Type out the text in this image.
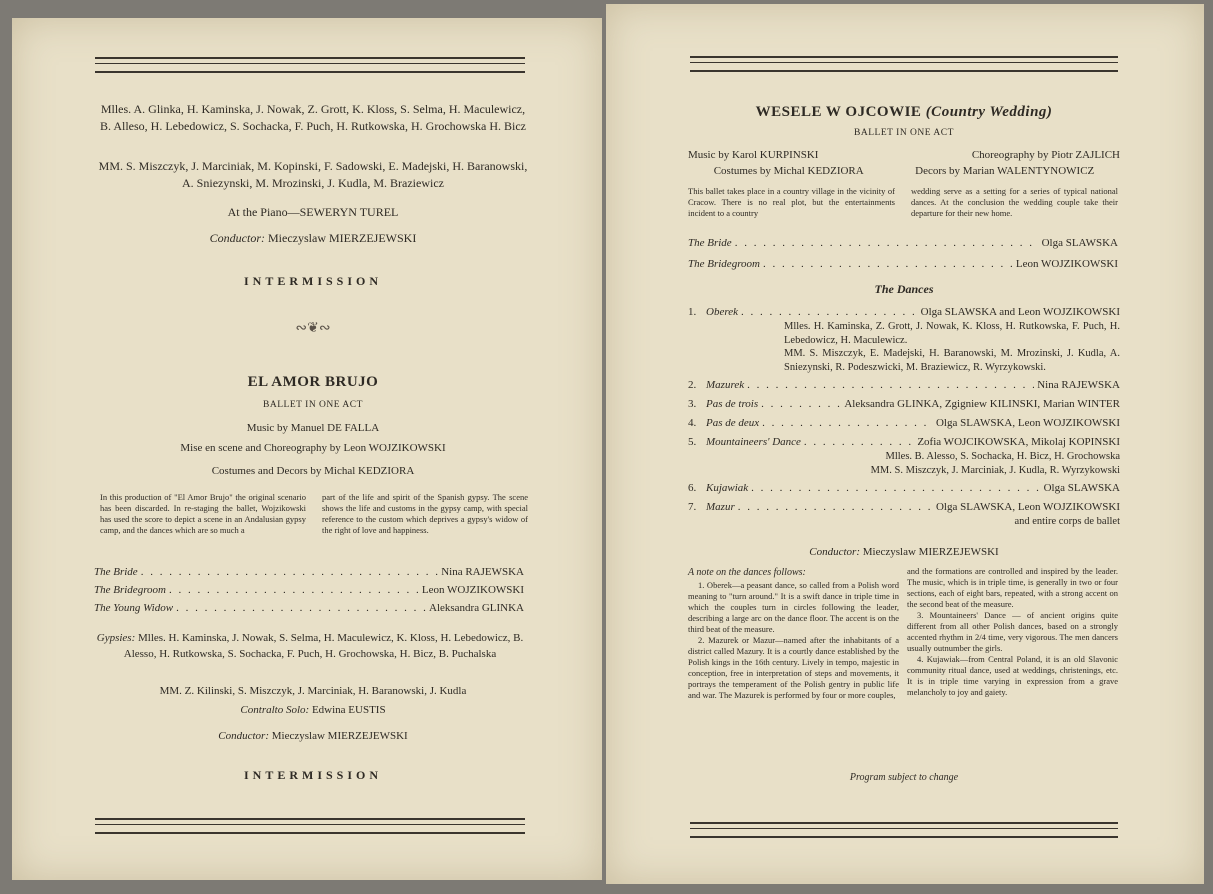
Mlles. A. Glinka, H. Kaminska, J. Nowak, Z. Grott, K. Kloss, S. Selma, H. Maculewicz, B. Alleso, H. Lebedowicz, S. Sochacka, F. Puch, H. Rutkowska, H. Grochowska H. Bicz
MM. S. Miszczyk, J. Marciniak, M. Kopinski, F. Sadowski, E. Madejski, H. Baranowski, A. Sniezynski, M. Mrozinski, J. Kudla, M. Braziewicz
At the Piano—SEWERYN TUREL
Conductor: Mieczyslaw MIERZEJEWSKI
INTERMISSION
∾❦∾
EL AMOR BRUJO
BALLET IN ONE ACT
Music by Manuel DE FALLA
Mise en scene and Choreography by Leon WOJZIKOWSKI
Costumes and Decors by Michal KEDZIORA
In this production of "El Amor Brujo" the original scenario has been discarded. In re-staging the ballet, Wojzikowski has used the score to depict a scene in an Andalusian gypsy camp, and the dances which are so much a
part of the life and spirit of the Spanish gypsy. The scene shows the life and customs in the gypsy camp, with special reference to the custom which deprives a gypsy's widow of the right of love and happiness.
The Bride . . .	Nina RAJEWSKA
The Bridegroom . . .	Leon WOJZIKOWSKI
The Young Widow . . .	Aleksandra GLINKA
Gypsies: Mlles. H. Kaminska, J. Nowak, S. Selma, H. Maculewicz, K. Kloss, H. Lebedowicz, B. Alesso, H. Rutkowska, S. Sochacka, F. Puch, H. Grochowska, H. Bicz, B. Puchalska
MM. Z. Kilinski, S. Miszczyk, J. Marciniak, H. Baranowski, J. Kudla
Contralto Solo: Edwina EUSTIS
Conductor: Mieczyslaw MIERZEJEWSKI
INTERMISSION
WESELE W OJCOWIE (Country Wedding)
BALLET IN ONE ACT
Music by Karol KURPINSKI	Choreography by Piotr ZAJLICH
Costumes by Michal KEDZIORA	Decors by Marian WALENTYNOWICZ
This ballet takes place in a country village in the vicinity of Cracow. There is no real plot, but the entertainments incident to a country
wedding serve as a setting for a series of typical national dances. At the conclusion the wedding couple take their departure for their new home.
The Bride . . .	Olga SLAWSKA
The Bridegroom . . .	Leon WOJZIKOWSKI
The Dances
1. Oberek . . .	Olga SLAWSKA and Leon WOJZIKOWSKI
Mlles. H. Kaminska, Z. Grott, J. Nowak, K. Kloss, H. Rutkowska, F. Puch, H. Lebedowicz, H. Maculewicz.
MM. S. Miszczyk, E. Madejski, H. Baranowski, M. Mrozinski, J. Kudla, A. Sniezynski, R. Podeszwicki, M. Braziewicz, R. Wyrzykowski.
2. Mazurek . . .	Nina RAJEWSKA
3. Pas de trois . . .	Aleksandra GLINKA, Zgigniew KILINSKI, Marian WINTER
4. Pas de deux . . .	Olga SLAWSKA, Leon WOJZIKOWSKI
5. Mountaineers' Dance . . .	Zofia WOJCIKOWSKA, Mikolaj KOPINSKI
Mlles. B. Alesso, S. Sochacka, H. Bicz, H. Grochowska
MM. S. Miszczyk, J. Marciniak, J. Kudla, R. Wyrzykowski
6. Kujawiak . . .	Olga SLAWSKA
7. Mazur . . .	Olga SLAWSKA, Leon WOJZIKOWSKI
and entire corps de ballet
Conductor: Mieczyslaw MIERZEJEWSKI
A note on the dances follows:

1. Oberek—a peasant dance, so called from a Polish word meaning to "turn around." It is a swift dance in triple time in which the couples turn in circles following the leader, describing a large arc on the dance floor. The accent is on the third beat of the measure.

2. Mazurek or Mazur—named after the inhabitants of a district called Mazury. It is a courtly dance established by the Polish kings in the 16th century. Lively in tempo, majestic in conception, free in interpretation of steps and movements, it portrays the temperament of the Polish gentry in public life and war. The Mazurek is performed by four or more couples,

and the formations are controlled and inspired by the leader. The music, which is in triple time, is generally in two or four sections, each of eight bars, repeated, with a strong accent on the second beat of the measure.

3. Mountaineers' Dance — of ancient origins quite different from all other Polish dances, based on a strongly accented rhythm in 2/4 time, very vigorous. The men dancers usually outnumber the girls.

4. Kujawiak—from Central Poland, it is an old Slavonic community ritual dance, used at weddings, christenings, etc. It is in triple time varying in expression from a grave melancholy to joy and gaiety.

Program subject to change
